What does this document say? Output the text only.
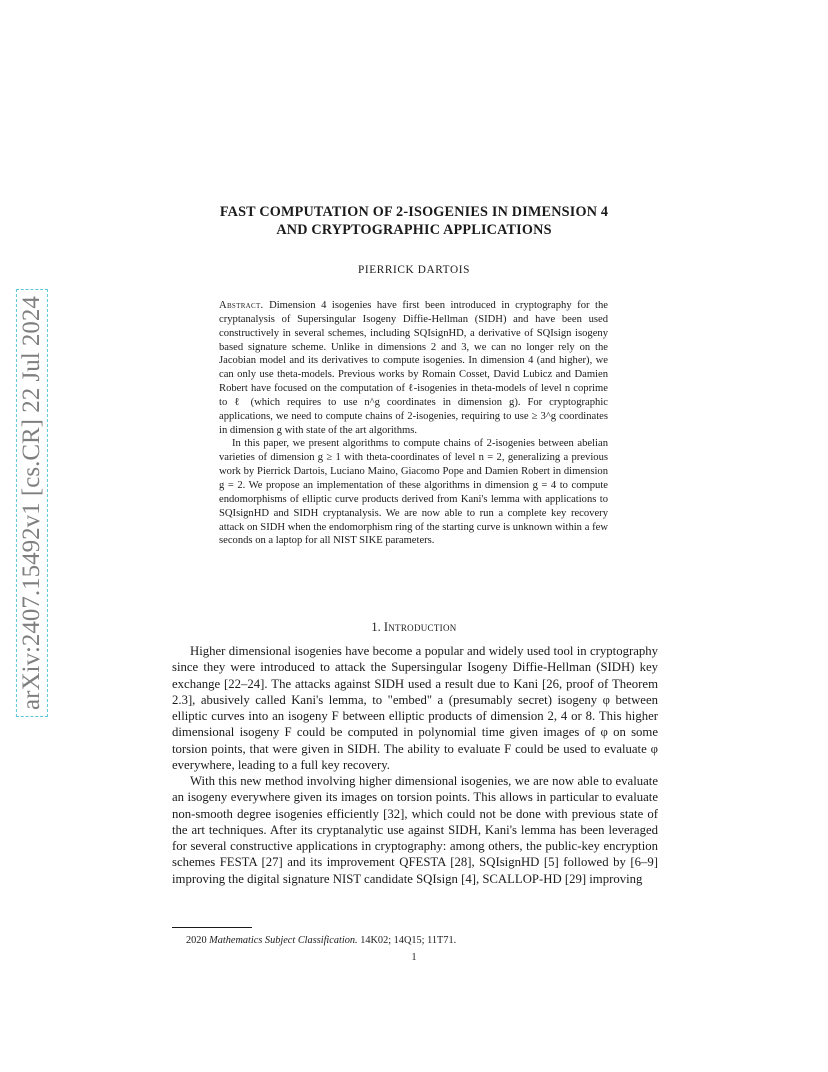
arXiv:2407.15492v1 [cs.CR] 22 Jul 2024
FAST COMPUTATION OF 2-ISOGENIES IN DIMENSION 4
AND CRYPTOGRAPHIC APPLICATIONS
PIERRICK DARTOIS

Abstract. Dimension 4 isogenies have first been introduced in cryptography for the cryptanalysis of Supersingular Isogeny Diffie-Hellman (SIDH) and have been used constructively in several schemes, including SQIsignHD, a derivative of SQIsign isogeny based signature scheme. Unlike in dimensions 2 and 3, we can no longer rely on the Jacobian model and its derivatives to compute isogenies. In dimension 4 (and higher), we can only use theta-models. Previous works by Romain Cosset, David Lubicz and Damien Robert have focused on the computation of ℓ-isogenies in theta-models of level n coprime to ℓ (which requires to use n^g coordinates in dimension g). For cryptographic applications, we need to compute chains of 2-isogenies, requiring to use ≥ 3^g coordinates in dimension g with state of the art algorithms.

In this paper, we present algorithms to compute chains of 2-isogenies between abelian varieties of dimension g ≥ 1 with theta-coordinates of level n = 2, generalizing a previous work by Pierrick Dartois, Luciano Maino, Giacomo Pope and Damien Robert in dimension g = 2. We propose an implementation of these algorithms in dimension g = 4 to compute endomorphisms of elliptic curve products derived from Kani's lemma with applications to SQIsignHD and SIDH cryptanalysis. We are now able to run a complete key recovery attack on SIDH when the endomorphism ring of the starting curve is unknown within a few seconds on a laptop for all NIST SIKE parameters.

1. Introduction

Higher dimensional isogenies have become a popular and widely used tool in cryptography since they were introduced to attack the Supersingular Isogeny Diffie-Hellman (SIDH) key exchange [22–24]. The attacks against SIDH used a result due to Kani [26, proof of Theorem 2.3], abusively called Kani's lemma, to "embed" a (presumably secret) isogeny φ between elliptic curves into an isogeny F between elliptic products of dimension 2, 4 or 8. This higher dimensional isogeny F could be computed in polynomial time given images of φ on some torsion points, that were given in SIDH. The ability to evaluate F could be used to evaluate φ everywhere, leading to a full key recovery.

With this new method involving higher dimensional isogenies, we are now able to evaluate an isogeny everywhere given its images on torsion points. This allows in particular to evaluate non-smooth degree isogenies efficiently [32], which could not be done with previous state of the art techniques. After its cryptanalytic use against SIDH, Kani's lemma has been leveraged for several constructive applications in cryptography: among others, the public-key encryption schemes FESTA [27] and its improvement QFESTA [28], SQIsignHD [5] followed by [6–9] improving the digital signature NIST candidate SQIsign [4], SCALLOP-HD [29] improving

2020 Mathematics Subject Classification. 14K02; 14Q15; 11T71.
1
